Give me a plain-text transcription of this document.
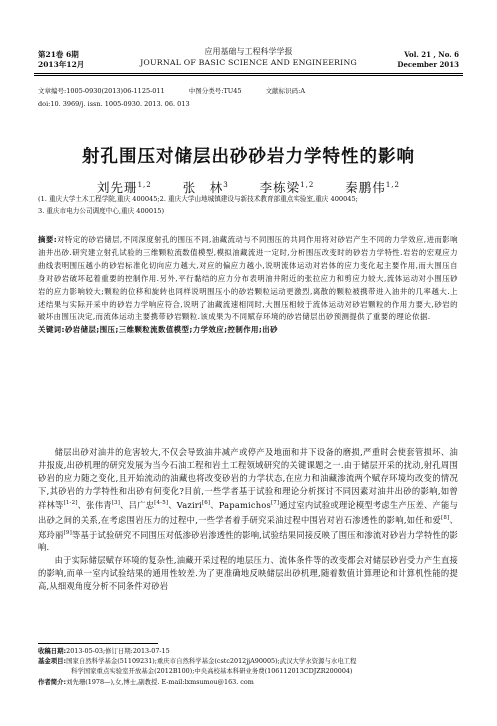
第21卷 6期
2013年12月
应用基础与工程科学学报
JOURNAL OF BASIC SCIENCE AND ENGINEERING
Vol. 21 , No. 6
December 2013
文章编号:1005-0930(2013)06-1125-011	中图分类号:TU45	文献标识码:A
doi:10. 3969/j. issn. 1005-0930. 2013. 06. 013
射孔围压对储层出砂砂岩力学特性的影响
刘先珊$^{1,2}$ 张　林$^3$ 李栋梁$^{1,2}$ 秦鹏伟$^{1,2}$
(1. 重庆大学土木工程学院,重庆 400045;2. 重庆大学山地城镇建设与新技术教育部重点实验室,重庆 400045;
3. 重庆市电力公司调度中心,重庆 400015)
摘要:对特定的砂岩储层,不同深度射孔的围压不同,油藏流动与不同围压的共同作用将对砂岩产生不同的力学效应,进而影响油井出砂.研究建立射孔试验的三维颗粒流数值模型,模拟油藏流进一定时,分析围压改变时的砂岩力学特性.岩岩的宏观应力曲线表明围压越小的砂岩标准化切向应力越大,对应的偏应力越小,说明流体运动对岩体的应力变化起主要作用,而大围压自身对砂岩破坏起着重要的控制作用.另外,平行黏结的应力分布表明油井附近的张拉应力和剪应力较大,流体运动对小围压砂岩的应力影响较大;颗粒的位移和旋转也同样说明围压小的砂岩颗粒运动更激烈,离散的颗粒被携带进入油井的几率越大.上述结果与实际开采中的砂岩力学响应符合,说明了油藏流速相同时,大围压相较于流体运动对砂岩颗粒的作用力要大,砂岩的破坏由围压决定,而流体运动主要携带砂岩颗粒.该成果为不同赋存环境的砂岩储层出砂预测提供了重要的理论依据.
关键词:砂岩储层;围压;三维颗粒流数值模型;力学效应;控制作用;出砂

储层出砂对油井的危害较大,不仅会导致油井减产或停产及地面和井下设备的磨损,严重时会使套管损坏、油井报废,出砂机理的研究发展为当今石油工程和岩土工程领域研究的关键课题之一.由于储层开采的扰动,射孔周围砂岩的应力随之变化,且开始流动的油藏也将改变砂岩的力学状态,在应力和油藏渗流两个赋存环境均改变的情况下,其砂岩的力学特性和出砂有何变化?目前,一些学者基于试验和理论分析探讨不同因素对油井出砂的影响,如曾祥林等[1-2]、张伟青[3]、吕广忠[4-5]、Vaziri[6]、Papamichos[7]通过室内试验或理论模型考虑生产压差、产能与出砂之间的关系,在考虑围岩压力的过程中,一些学者着手研究采油过程中围岩对岩石渗透性的影响,如任和爱[8]、郑玲丽[9]等基于试验研究不同围压对低渗砂岩渗透性的影响,试验结果同接反映了围压和渗流对砂岩力学特性的影响.

由于实际储层赋存环境的复杂性,油藏开采过程的地层压力、流体条件等的改变都会对储层砂岩受力产生直接的影响,而单一室内试验结果的通用性较差.为了更准确地反映储层出砂机理,随着数值计算理论和计算机性能的提高,从细观角度分析不同条件对砂岩

收稿日期:2013-05-03;修订日期:2013-07-15
基金项目:国家自然科学基金(51109231);重庆市自然科学基金(cstc2012jjA90005);武汉大学水资源与水电工程
科学国家重点实验室开放基金(2012B100);中央高校基本科研业务费(106112013CDJZR200004)
作者简介:刘先珊(1978—),女,博士,副教授. E-mail:lxmsumou@163. com
